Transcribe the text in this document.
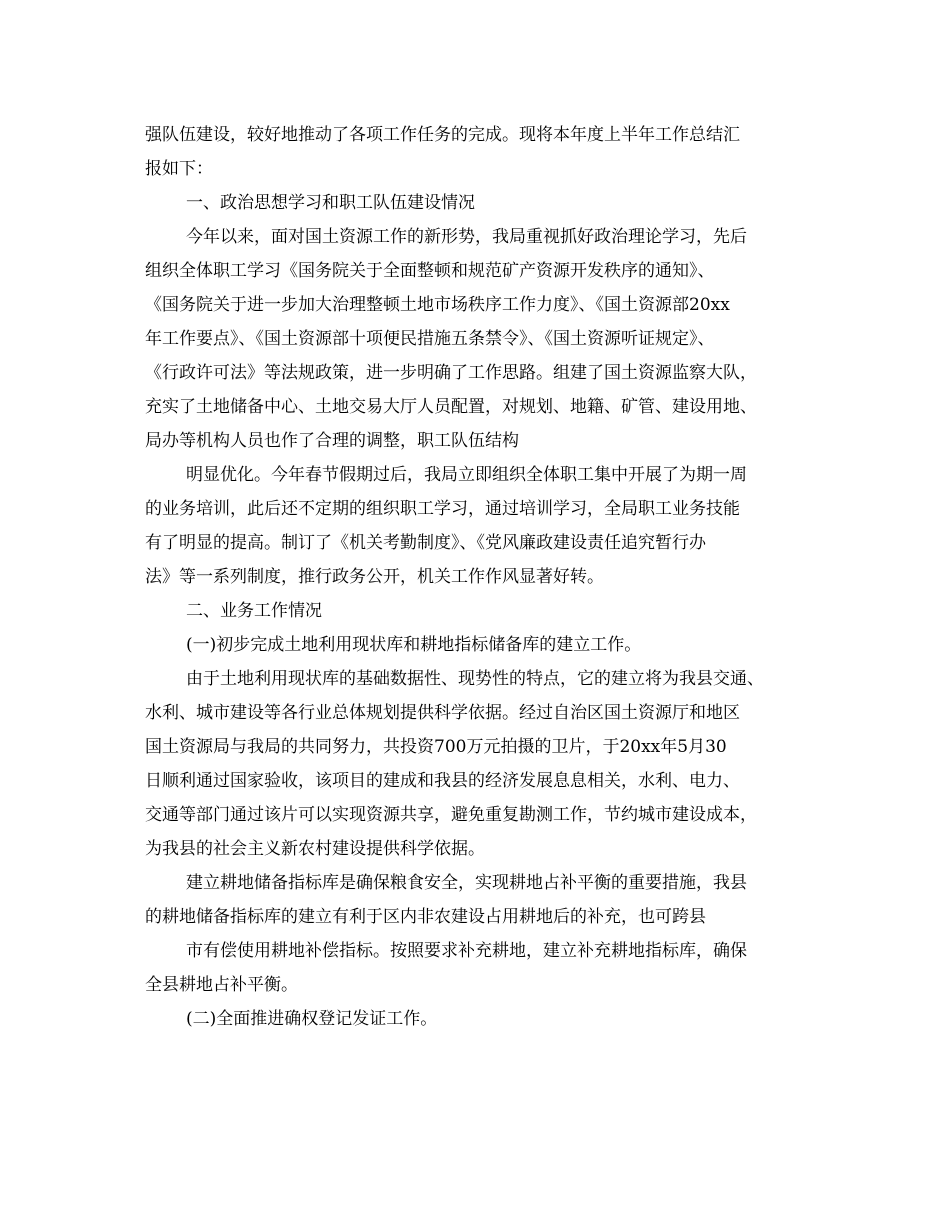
强队伍建设，较好地推动了各项工作任务的完成。现将本年度上半年工作总结汇
报如下：
一、政治思想学习和职工队伍建设情况
今年以来，面对国土资源工作的新形势，我局重视抓好政治理论学习，先后
组织全体职工学习《国务院关于全面整顿和规范矿产资源开发秩序的通知》、
《国务院关于进一步加大治理整顿土地市场秩序工作力度》、《国土资源部20xx
年工作要点》、《国土资源部十项便民措施五条禁令》、《国土资源听证规定》、
《行政许可法》等法规政策，进一步明确了工作思路。组建了国土资源监察大队，
充实了土地储备中心、土地交易大厅人员配置，对规划、地籍、矿管、建设用地、
局办等机构人员也作了合理的调整，职工队伍结构
明显优化。今年春节假期过后，我局立即组织全体职工集中开展了为期一周
的业务培训，此后还不定期的组织职工学习，通过培训学习，全局职工业务技能
有了明显的提高。制订了《机关考勤制度》、《党风廉政建设责任追究暂行办
法》等一系列制度，推行政务公开，机关工作作风显著好转。
二、业务工作情况
(一)初步完成土地利用现状库和耕地指标储备库的建立工作。
由于土地利用现状库的基础数据性、现势性的特点，它的建立将为我县交通、
水利、城市建设等各行业总体规划提供科学依据。经过自治区国土资源厅和地区
国土资源局与我局的共同努力，共投资700万元拍摄的卫片，于20xx年5月30
日顺利通过国家验收，该项目的建成和我县的经济发展息息相关，水利、电力、
交通等部门通过该片可以实现资源共享，避免重复勘测工作，节约城市建设成本，
为我县的社会主义新农村建设提供科学依据。
建立耕地储备指标库是确保粮食安全，实现耕地占补平衡的重要措施，我县
的耕地储备指标库的建立有利于区内非农建设占用耕地后的补充，也可跨县
市有偿使用耕地补偿指标。按照要求补充耕地，建立补充耕地指标库，确保
全县耕地占补平衡。
(二)全面推进确权登记发证工作。
